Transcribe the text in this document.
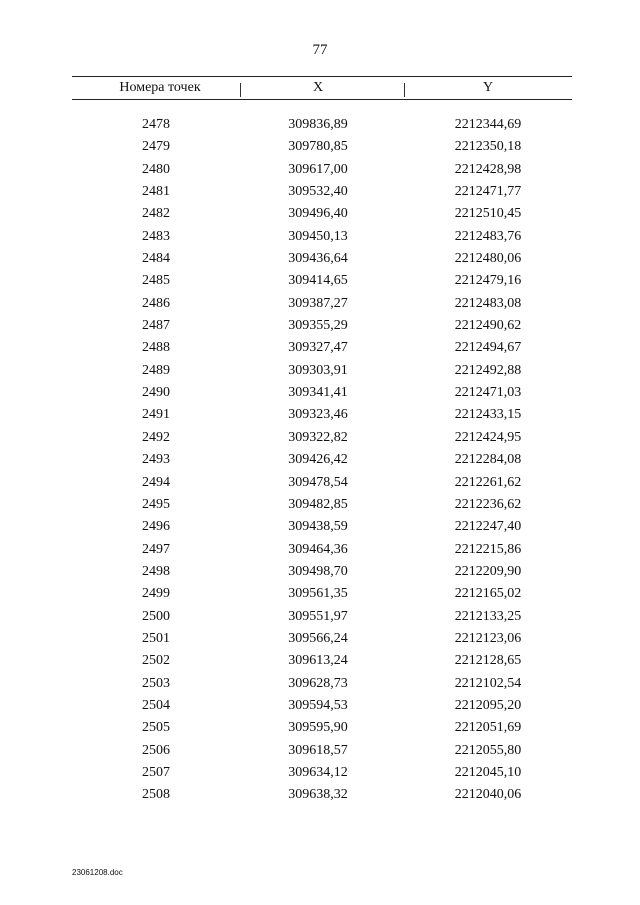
77
Номера точек	X	Y
2478	309836,89	2212344,69
2479	309780,85	2212350,18
2480	309617,00	2212428,98
2481	309532,40	2212471,77
2482	309496,40	2212510,45
2483	309450,13	2212483,76
2484	309436,64	2212480,06
2485	309414,65	2212479,16
2486	309387,27	2212483,08
2487	309355,29	2212490,62
2488	309327,47	2212494,67
2489	309303,91	2212492,88
2490	309341,41	2212471,03
2491	309323,46	2212433,15
2492	309322,82	2212424,95
2493	309426,42	2212284,08
2494	309478,54	2212261,62
2495	309482,85	2212236,62
2496	309438,59	2212247,40
2497	309464,36	2212215,86
2498	309498,70	2212209,90
2499	309561,35	2212165,02
2500	309551,97	2212133,25
2501	309566,24	2212123,06
2502	309613,24	2212128,65
2503	309628,73	2212102,54
2504	309594,53	2212095,20
2505	309595,90	2212051,69
2506	309618,57	2212055,80
2507	309634,12	2212045,10
2508	309638,32	2212040,06
23061208.doc
